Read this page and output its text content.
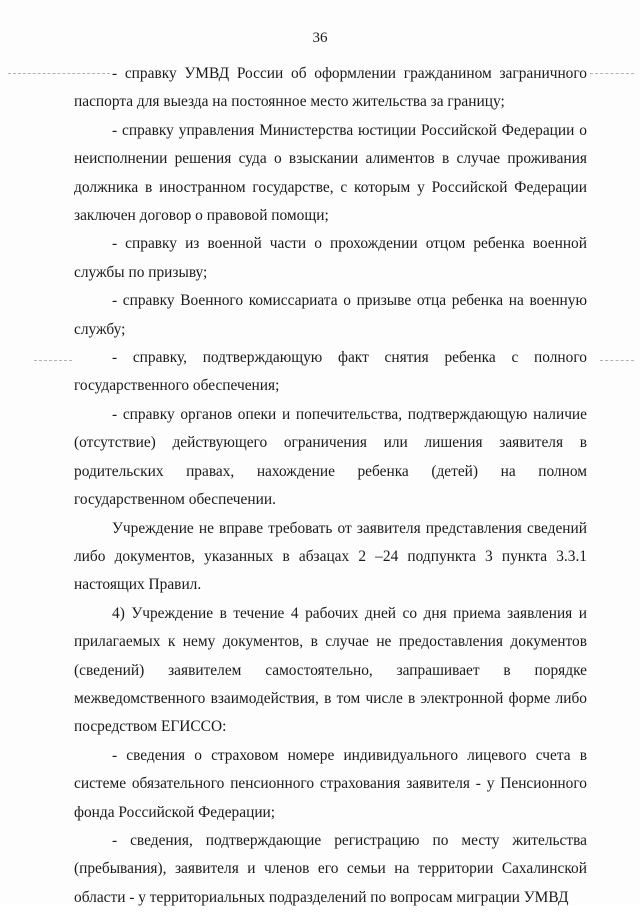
36

- справку УМВД России об оформлении гражданином заграничного паспорта для выезда на постоянное место жительства за границу;

- справку управления Министерства юстиции Российской Федерации о неисполнении решения суда о взыскании алиментов в случае проживания должника в иностранном государстве, с которым у Российской Федерации заключен договор о правовой помощи;

- справку из военной части о прохождении отцом ребенка военной службы по призыву;

- справку Военного комиссариата о призыве отца ребенка на военную службу;

- справку, подтверждающую факт снятия ребенка с полного государственного обеспечения;

- справку органов опеки и попечительства, подтверждающую наличие (отсутствие) действующего ограничения или лишения заявителя в родительских правах, нахождение ребенка (детей) на полном государственном обеспечении.

Учреждение не вправе требовать от заявителя представления сведений либо документов, указанных в абзацах 2 –24 подпункта 3 пункта 3.3.1 настоящих Правил.

4) Учреждение в течение 4 рабочих дней со дня приема заявления и прилагаемых к нему документов, в случае не предоставления документов (сведений) заявителем самостоятельно, запрашивает в порядке межведомственного взаимодействия, в том числе в электронной форме либо посредством ЕГИССО:

- сведения о страховом номере индивидуального лицевого счета в системе обязательного пенсионного страхования заявителя - у Пенсионного фонда Российской Федерации;

- сведения, подтверждающие регистрацию по месту жительства (пребывания), заявителя и членов его семьи на территории Сахалинской области - у территориальных подразделений по вопросам миграции УМВД
